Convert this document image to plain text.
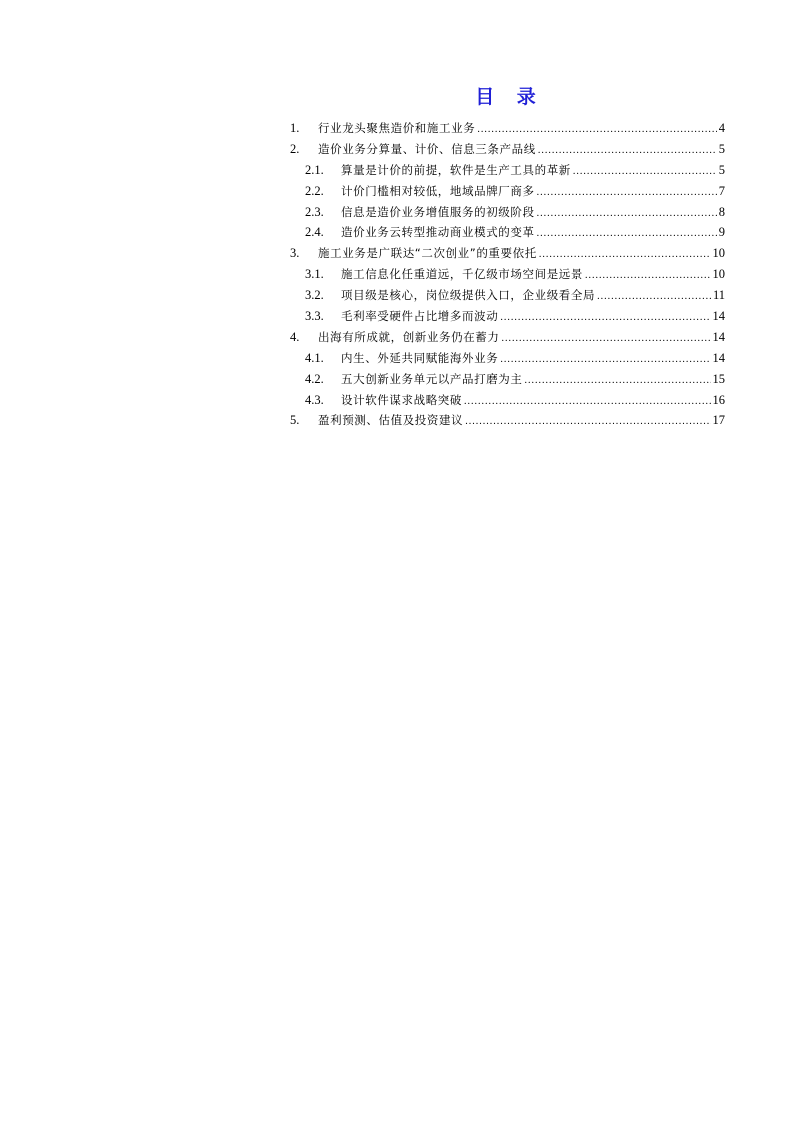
目 录
1.	行业龙头聚焦造价和施工业务 .....	4
2.	造价业务分算量、计价、信息三条产品线 .....	5
2.1.	算量是计价的前提，软件是生产工具的革新 .....	5
2.2.	计价门槛相对较低，地域品牌厂商多 .....	7
2.3.	信息是造价业务增值服务的初级阶段 .....	8
2.4.	造价业务云转型推动商业模式的变革 .....	9
3.	施工业务是广联达“二次创业”的重要依托 .....	10
3.1.	施工信息化任重道远，千亿级市场空间是远景 .....	10
3.2.	项目级是核心，岗位级提供入口，企业级看全局 .....	11
3.3.	毛利率受硬件占比增多而波动 .....	14
4.	出海有所成就，创新业务仍在蓄力 .....	14
4.1.	内生、外延共同赋能海外业务 .....	14
4.2.	五大创新业务单元以产品打磨为主 .....	15
4.3.	设计软件谋求战略突破 .....	16
5.	盈利预测、估值及投资建议 .....	17
